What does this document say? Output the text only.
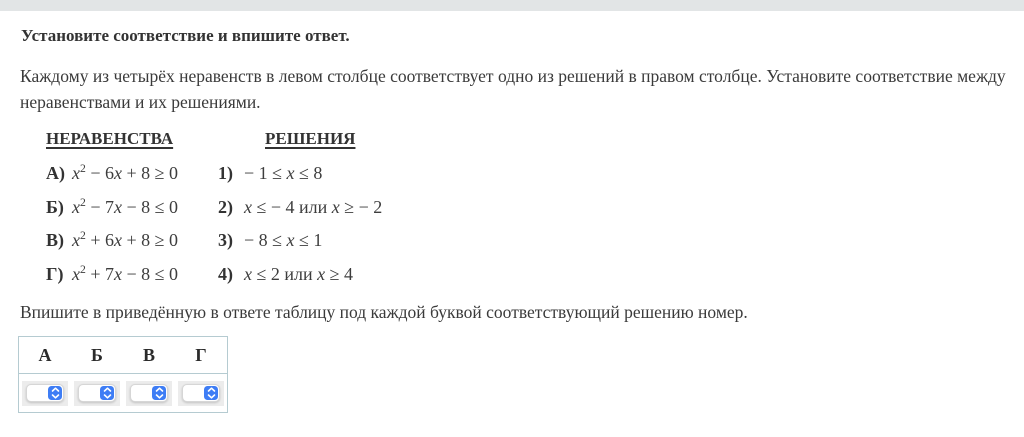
Установите соответствие и впишите ответ.
Каждому из четырёх неравенств в левом столбце соответствует одно из решений в правом столбце. Установите соответствие между неравенствами и их решениями.
НЕРАВЕНСТВА	РЕШЕНИЯ
А) $x^2 - 6x + 8 \ge 0$	1) − 1 ≤ x ≤ 8
Б) $x^2 - 7x - 8 \le 0$	2) x ≤ − 4 или x ≥ − 2
В) $x^2 + 6x + 8 \ge 0$	3) − 8 ≤ x ≤ 1
Г) $x^2 + 7x - 8 \le 0$	4) x ≤ 2 или x ≥ 4
Впишите в приведённую в ответе таблицу под каждой буквой соответствующий решению номер.
А	Б	В	Г
